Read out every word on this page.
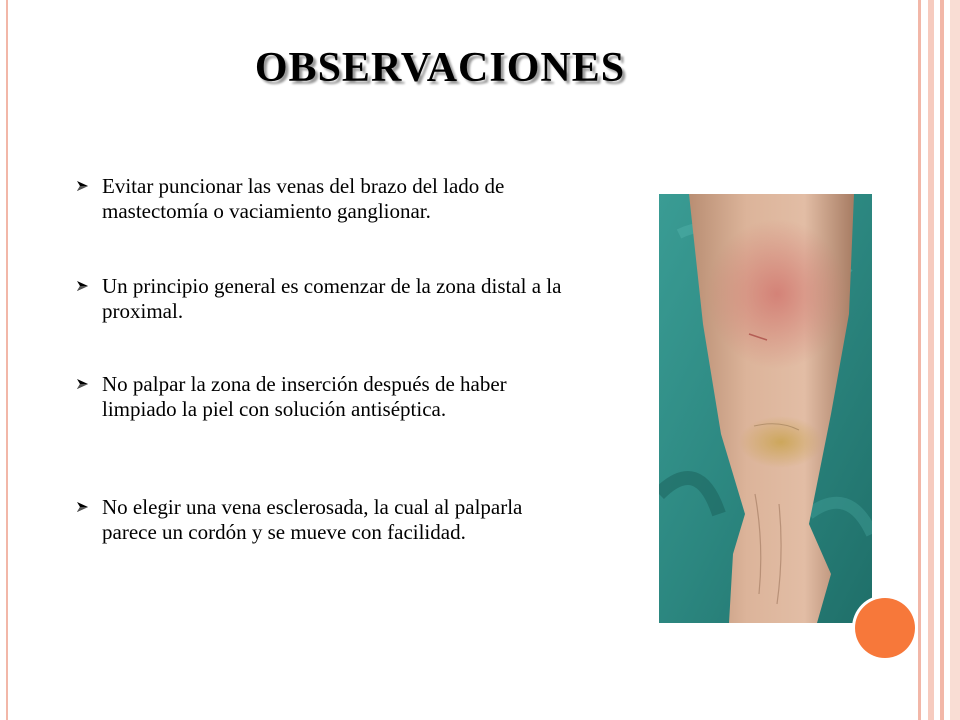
OBSERVACIONES
Evitar puncionar las venas del brazo del lado de mastectomía o vaciamiento ganglionar.
Un principio general es comenzar de la zona distal a la proximal.
No palpar la zona de inserción después de haber limpiado la piel con solución antiséptica.
No elegir una vena esclerosada, la cual al palparla parece un cordón y se mueve con facilidad.
